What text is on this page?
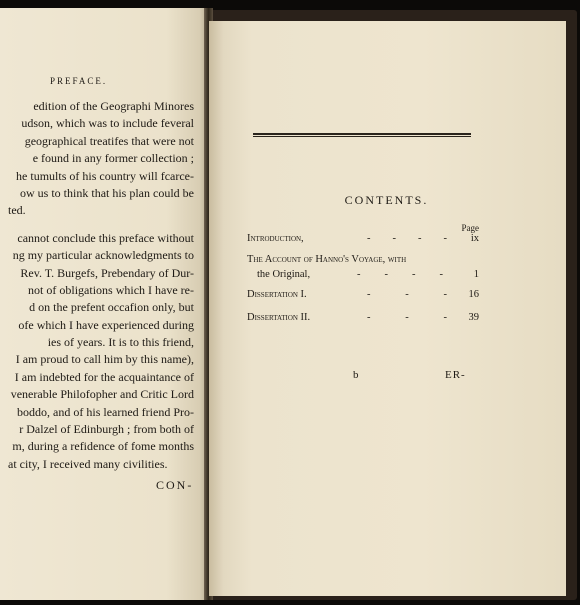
PREFACE.
edition of the Geographi Minores
udson, which was to include feveral
geographical treatifes that were not
e found in any former collection ;
he tumults of his country will fcarce-
ow us to think that his plan could be
ted.
cannot conclude this preface without
ng my particular acknowledgments to
Rev. T. Burgefs, Prebendary of Dur-
not of obligations which I have re-
d on the prefent occafion only, but
ofe which I have experienced during
ies of years. It is to this friend,
I am proud to call him by this name),
I am indebted for the acquaintance of
venerable Philofopher and Critic Lord
boddo, and of his learned friend Pro-
r Dalzel of Edinburgh ; from both of
m, during a refidence of fome months
at city, I received many civilities.
CON-
CONTENTS.
Page
Introduction,	- - - - ix
The Account of Hanno's Voyage, with
the Original,	- - - -	1
Dissertation I.	-	-	- 16
Dissertation II.	-	-	- 39
b	ER-
